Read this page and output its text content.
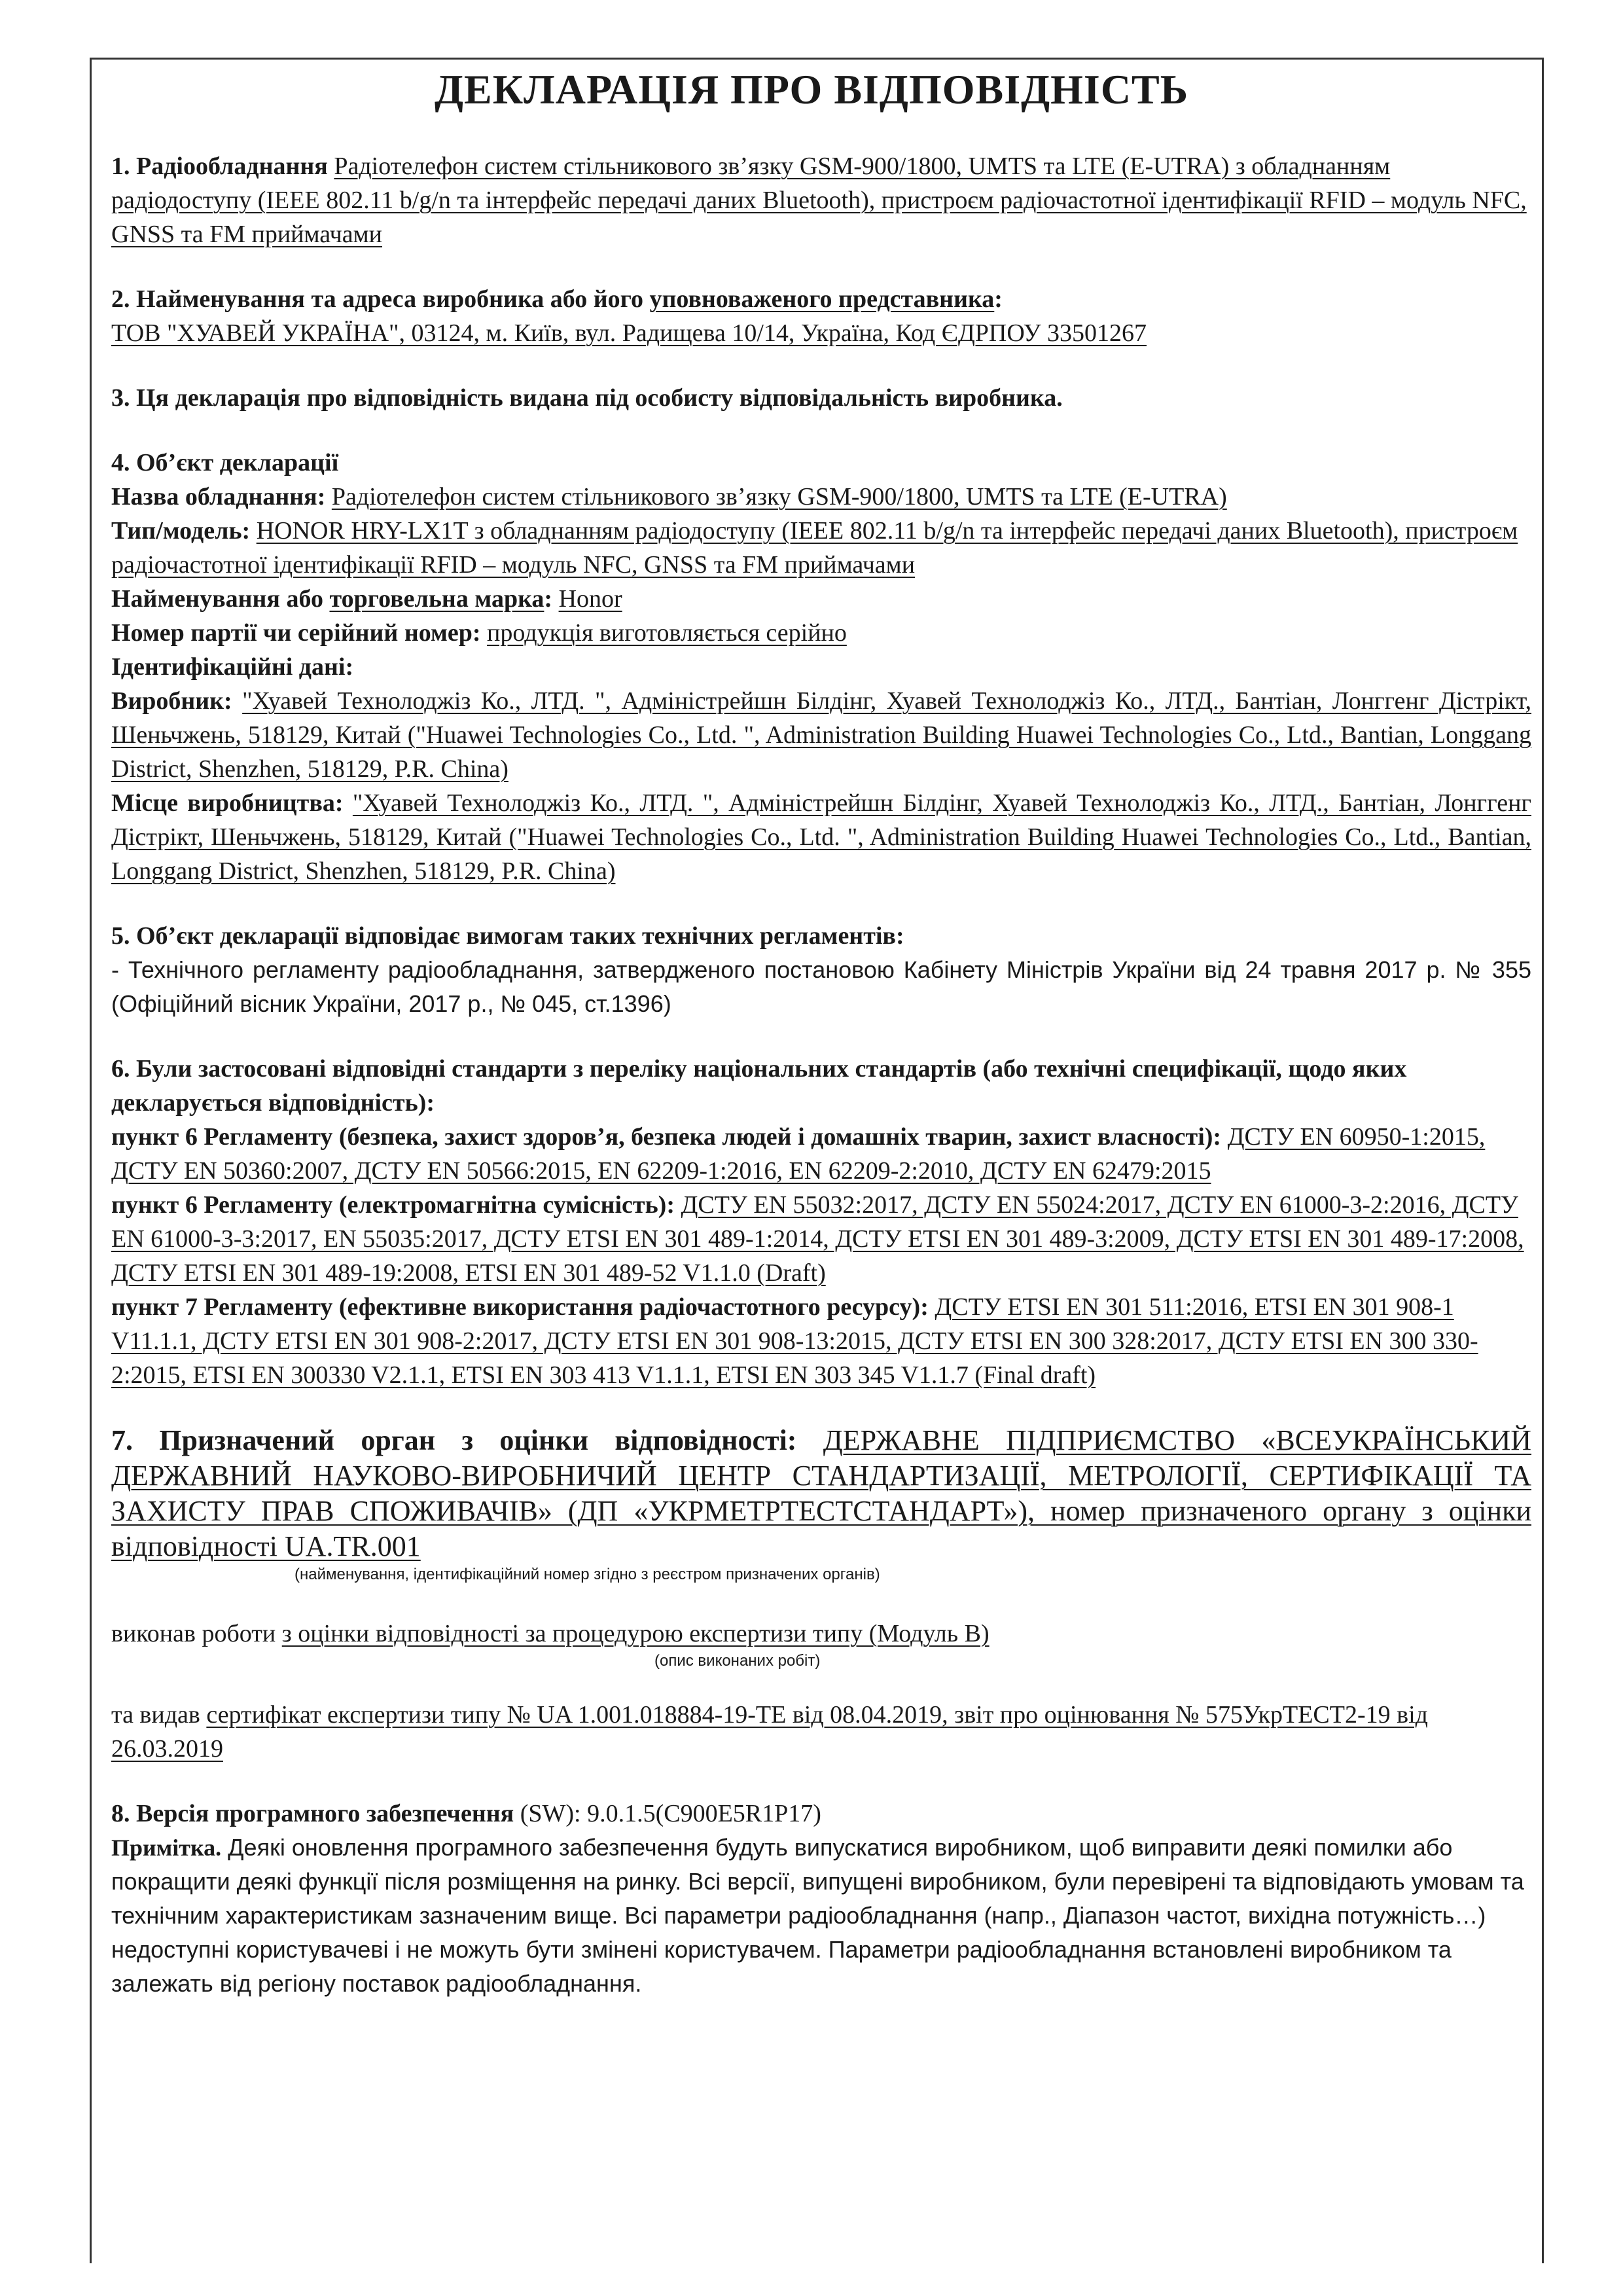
ДЕКЛАРАЦІЯ ПРО ВІДПОВІДНІСТЬ
1. Радіообладнання Радіотелефон систем стільникового зв’язку GSM-900/1800, UMTS та LTE (E-UTRA) з обладнанням радіодоступу (IEEE 802.11 b/g/n та інтерфейс передачі даних Bluetooth), пристроєм радіочастотної ідентифікації RFID – модуль NFC, GNSS та FM приймачами
2. Найменування та адреса виробника або його уповноваженого представника:
ТОВ "ХУАВЕЙ УКРАЇНА", 03124, м. Київ, вул. Радищева 10/14, Україна, Код ЄДРПОУ 33501267
3. Ця декларація про відповідність видана під особисту відповідальність виробника.
4. Об’єкт декларації
Назва обладнання: Радіотелефон систем стільникового зв’язку GSM-900/1800, UMTS та LTE (E-UTRA)
Тип/модель: HONOR HRY-LX1T з обладнанням радіодоступу (IEEE 802.11 b/g/n та інтерфейс передачі даних Bluetooth), пристроєм радіочастотної ідентифікації RFID – модуль NFC, GNSS та FM приймачами
Найменування або торговельна марка: Honor
Номер партії чи серійний номер: продукція виготовляється серійно
Ідентифікаційні дані:
Виробник: "Хуавей Технолоджіз Ко., ЛТД. ", Адміністрейшн Білдінг, Хуавей Технолоджіз Ко., ЛТД., Бантіан, Лонггенг Дістрікт, Шеньчжень, 518129, Китай ("Huawei Technologies Co., Ltd. ", Administration Building Huawei Technologies Co., Ltd., Bantian, Longgang District, Shenzhen, 518129, P.R. China)
Місце виробництва: "Хуавей Технолоджіз Ко., ЛТД. ", Адміністрейшн Білдінг, Хуавей Технолоджіз Ко., ЛТД., Бантіан, Лонггенг Дістрікт, Шеньчжень, 518129, Китай ("Huawei Technologies Co., Ltd. ", Administration Building Huawei Technologies Co., Ltd., Bantian, Longgang District, Shenzhen, 518129, P.R. China)
5. Об’єкт декларації відповідає вимогам таких технічних регламентів:
- Технічного регламенту радіообладнання, затвердженого постановою Кабінету Міністрів України від 24 травня 2017 р. № 355 (Офіційний вісник України, 2017 р., № 045, ст.1396)
6. Були застосовані відповідні стандарти з переліку національних стандартів (або технічні специфікації, щодо яких декларується відповідність):
пункт 6 Регламенту (безпека, захист здоров’я, безпека людей і домашніх тварин, захист власності): ДСТУ EN 60950-1:2015, ДСТУ EN 50360:2007, ДСТУ EN 50566:2015, EN 62209-1:2016, EN 62209-2:2010, ДСТУ EN 62479:2015
пункт 6 Регламенту (електромагнітна сумісність): ДСТУ EN 55032:2017, ДСТУ EN 55024:2017, ДСТУ EN 61000-3-2:2016, ДСТУ EN 61000-3-3:2017, EN 55035:2017, ДСТУ ETSI EN 301 489-1:2014, ДСТУ ETSI EN 301 489-3:2009, ДСТУ ETSI EN 301 489-17:2008, ДСТУ ETSI EN 301 489-19:2008, ETSI EN 301 489-52 V1.1.0 (Draft)
пункт 7 Регламенту (ефективне використання радіочастотного ресурсу): ДСТУ ETSI EN 301 511:2016, ETSI EN 301 908-1 V11.1.1, ДСТУ ETSI EN 301 908-2:2017, ДСТУ ETSI EN 301 908-13:2015, ДСТУ ETSI EN 300 328:2017, ДСТУ ETSI EN 300 330-2:2015, ETSI EN 300330 V2.1.1, ETSI EN 303 413 V1.1.1, ETSI EN 303 345 V1.1.7 (Final draft)
7. Призначений орган з оцінки відповідності: ДЕРЖАВНЕ ПІДПРИЄМСТВО «ВСЕУКРАЇНСЬКИЙ ДЕРЖАВНИЙ НАУКОВО-ВИРОБНИЧИЙ ЦЕНТР СТАНДАРТИЗАЦІЇ, МЕТРОЛОГІЇ, СЕРТИФІКАЦІЇ ТА ЗАХИСТУ ПРАВ СПОЖИВАЧІВ» (ДП «УКРМЕТРТЕСТСТАНДАРТ»), номер призначеного органу з оцінки відповідності UA.TR.001
(найменування, ідентифікаційний номер згідно з реєстром призначених органів)
виконав роботи з оцінки відповідності за процедурою експертизи типу (Модуль В)
(опис виконаних робіт)
та видав сертифікат експертизи типу № UA 1.001.018884-19-TE від 08.04.2019, звіт про оцінювання № 575УкрТЕСТ2-19 від 26.03.2019
8. Версія програмного забезпечення (SW): 9.0.1.5(C900E5R1P17)
Примітка. Деякі оновлення програмного забезпечення будуть випускатися виробником, щоб виправити деякі помилки або покращити деякі функції після розміщення на ринку. Всі версії, випущені виробником, були перевірені та відповідають умовам та технічним характеристикам зазначеним вище. Всі параметри радіообладнання (напр., Діапазон частот, вихідна потужність…) недоступні користувачеві і не можуть бути змінені користувачем. Параметри радіообладнання встановлені виробником та залежать від регіону поставок радіообладнання.
